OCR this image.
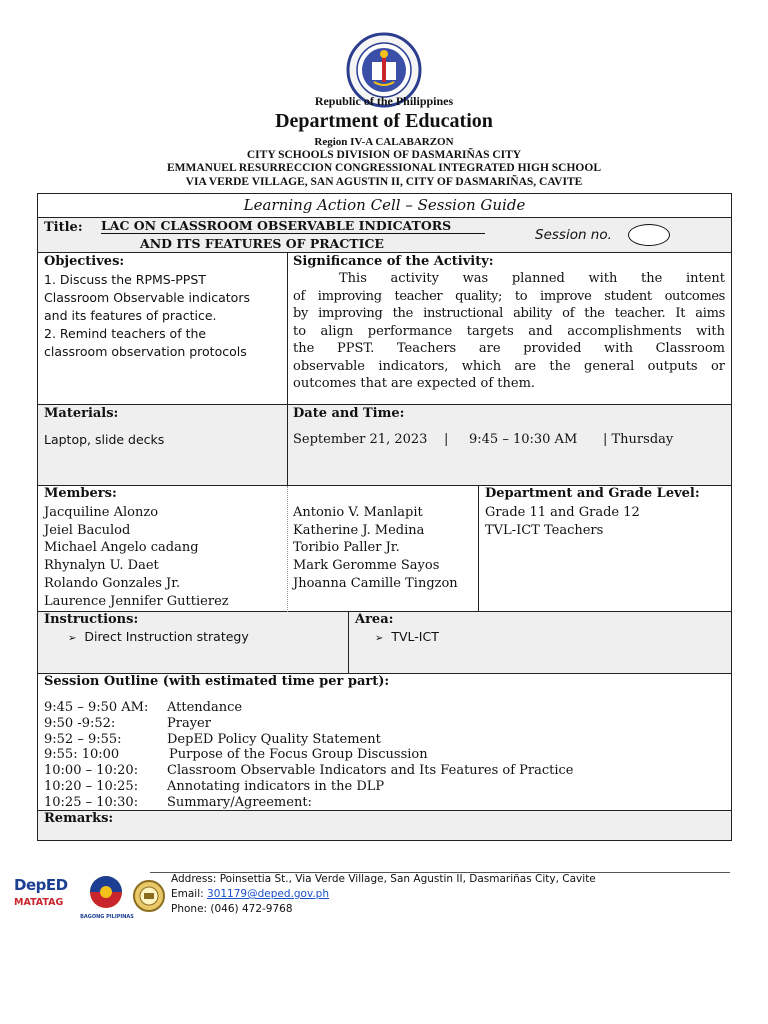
Republic of the Philippines
Department of Education
Region IV-A CALABARZON
CITY SCHOOLS DIVISION OF DASMARIÑAS CITY
EMMANUEL RESURRECCION CONGRESSIONAL INTEGRATED HIGH SCHOOL
VIA VERDE VILLAGE, SAN AGUSTIN II, CITY OF DASMARIÑAS, CAVITE
Learning Action Cell – Session Guide
Title: LAC ON CLASSROOM OBSERVABLE INDICATORS
AND ITS FEATURES OF PRACTICE
Session no.
Objectives:
1. Discuss the RPMS-PPST
Classroom Observable indicators
and its features of practice.
2. Remind teachers of the
classroom observation protocols
Significance of the Activity:
This activity was planned with the intent
of improving teacher quality; to improve student outcomes
by improving the instructional ability of the teacher. It aims
to align performance targets and accomplishments with
the PPST. Teachers are provided with Classroom
observable indicators, which are the general outputs or
outcomes that are expected of them.
Materials:
Laptop, slide decks
Date and Time:
September 21, 2023 | 9:45 – 10:30 AM | Thursday
Members:
Jacquiline Alonzo
Jeiel Baculod
Michael Angelo cadang
Rhynalyn U. Daet
Rolando Gonzales Jr.
Laurence Jennifer Guttierez
Antonio V. Manlapit
Katherine J. Medina
Toribio Paller Jr.
Mark Geromme Sayos
Jhoanna Camille Tingzon
Department and Grade Level:
Grade 11 and Grade 12
TVL-ICT Teachers
Instructions:
➢ Direct Instruction strategy
Area:
➢ TVL-ICT
Session Outline (with estimated time per part):
9:45 – 9:50 AM: Attendance
9:50 -9:52:	Prayer
9:52 – 9:55:	DepED Policy Quality Statement
9:55: 10:00	Purpose of the Focus Group Discussion
10:00 – 10:20: Classroom Observable Indicators and Its Features of Practice
10:20 – 10:25: Annotating indicators in the DLP
10:25 – 10:30: Summary/Agreement:
Remarks:
DepED
MATATAG
BAGONG PILIPINAS
Address: Poinsettia St., Via Verde Village, San Agustin II, Dasmariñas City, Cavite
Email: 301179@deped.gov.ph
Phone: (046) 472-9768
